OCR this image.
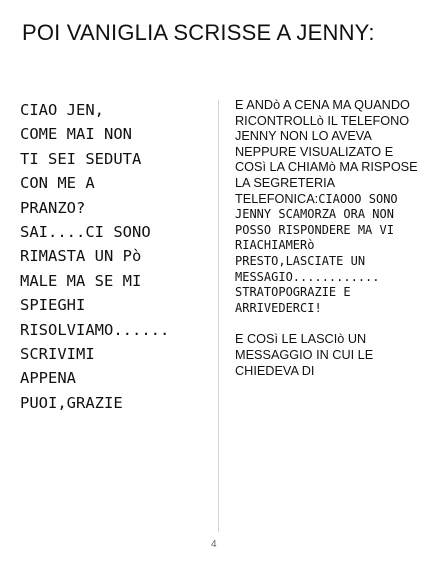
POI VANIGLIA SCRISSE A JENNY:
CIAO JEN,
COME MAI NON
TI SEI SEDUTA
CON ME A
PRANZO?
SAI....CI SONO
RIMASTA UN Pò
MALE MA SE MI
SPIEGHI
RISOLVIAMO......
SCRIVIMI
APPENA
PUOI,GRAZIE

E ANDò A CENA MA QUANDO RICONTROLLò IL TELEFONO JENNY NON LO AVEVA NEPPURE VISUALIZATO E COSì LA CHIAMò MA RISPOSE LA SEGRETERIA TELEFONICA:CIAOOO SONO JENNY SCAMORZA ORA NON POSSO RISPONDERE MA VI RIACHIAMERò PRESTO,LASCIATE UN MESSAGIO............ STRATOPOGRAZIE E ARRIVEDERCI!

E COSì LE LASCIò UN MESSAGGIO IN CUI LE CHIEDEVA DI

4
